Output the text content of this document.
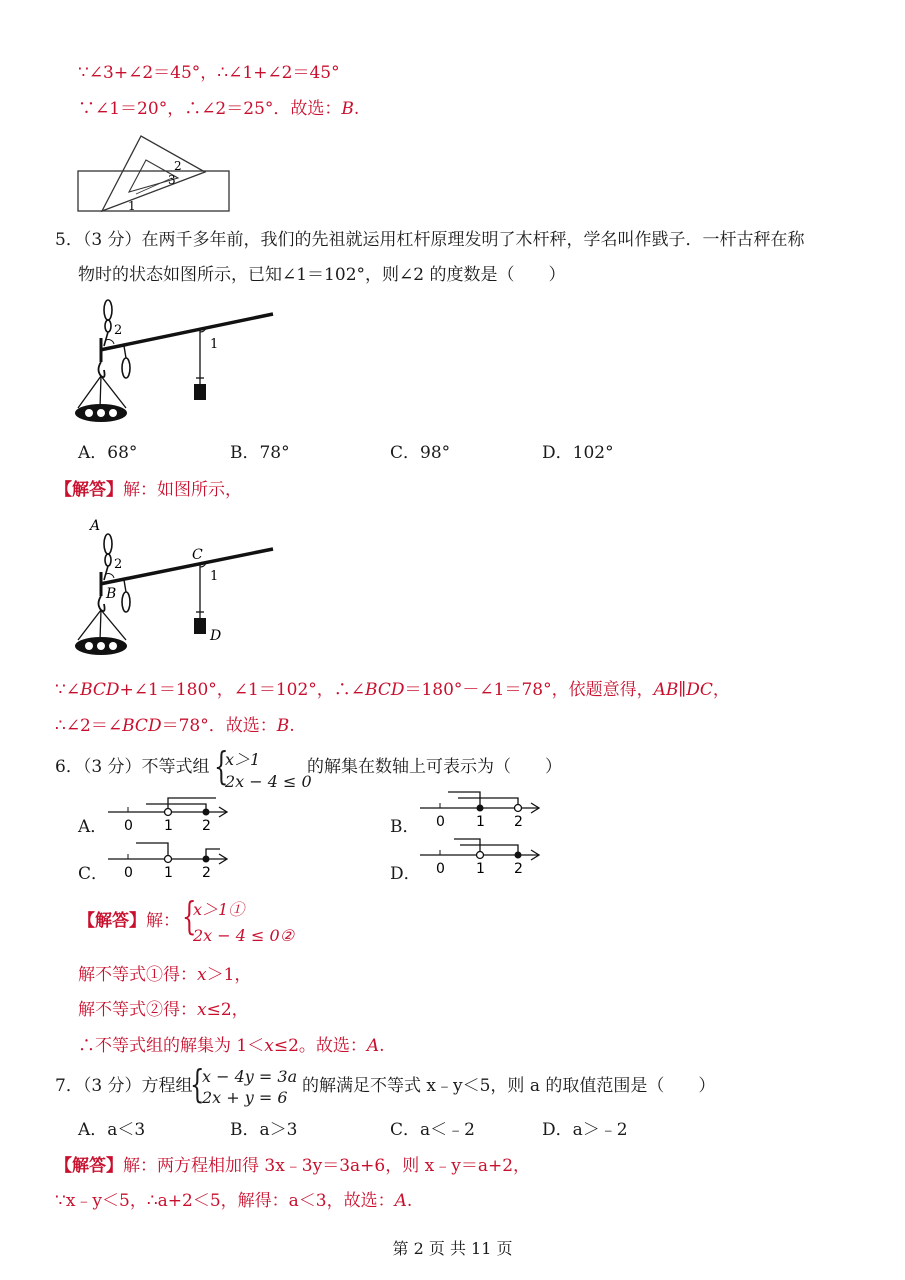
∵∠3+∠2＝45°，∴∠1+∠2＝45°
∵∠1＝20°，∴∠2＝25°．故选：B.
2
3
1
5．（3 分）在两千多年前，我们的先祖就运用杠杆原理发明了木杆秤，学名叫作戥子．一杆古秤在称
物时的状态如图所示，已知∠1＝102°，则∠2 的度数是（　　）
2
1
A．68°	B．78°	C．98°	D．102°
【解答】解：如图所示，
A
2
C
1
B
D
∵∠BCD+∠1＝180°，∠1＝102°，∴∠BCD＝180°－∠1＝78°，依题意得，AB∥DC，
∴∠2＝∠BCD＝78°．故选：B.
6．（3 分）不等式组 {
x＞1
2x − 4 ≤ 0
的解集在数轴上可表示为（　　）
A． 0 1 2	B． 0 1 2
C． 0 1 2	D． 0 1 2
【解答】解： {
x＞1①
2x − 4 ≤ 0②
解不等式①得：x＞1，
解不等式②得：x≤2，
∴不等式组的解集为 1＜x≤2。故选：A.
7．（3 分）方程组
{
x − 4y = 3a
2x + y = 6
的解满足不等式 x﹣y＜5，则 a 的取值范围是（　　）
A．a＜3	B．a＞3	C．a＜﹣2	D．a＞﹣2
【解答】解：两方程相加得 3x﹣3y＝3a+6，则 x﹣y＝a+2，
∵x﹣y＜5，∴a+2＜5，解得：a＜3，故选：A.
第 2 页 共 11 页
